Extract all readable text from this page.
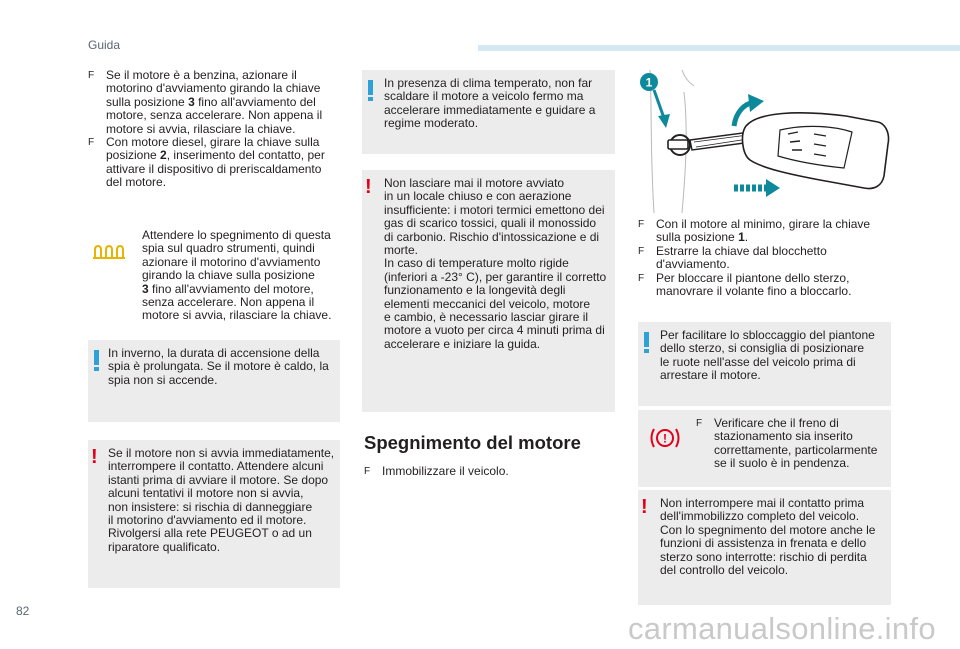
Guida
F Se il motore è a benzina, azionare il
motorino d'avviamento girando la chiave
sulla posizione 3 fino all'avviamento del
motore, senza accelerare. Non appena il
motore si avvia, rilasciare la chiave.
F Con motore diesel, girare la chiave sulla
posizione 2, inserimento del contatto, per
attivare il dispositivo di preriscaldamento
del motore.
Attendere lo spegnimento di questa
spia sul quadro strumenti, quindi
azionare il motorino d'avviamento
girando la chiave sulla posizione
3 fino all'avviamento del motore,
senza accelerare. Non appena il
motore si avvia, rilasciare la chiave.
In inverno, la durata di accensione della
spia è prolungata. Se il motore è caldo, la
spia non si accende.
! Se il motore non si avvia immediatamente,
interrompere il contatto. Attendere alcuni
istanti prima di avviare il motore. Se dopo
alcuni tentativi il motore non si avvia,
non insistere: si rischia di danneggiare
il motorino d'avviamento ed il motore.
Rivolgersi alla rete PEUGEOT o ad un
riparatore qualificato.
In presenza di clima temperato, non far
scaldare il motore a veicolo fermo ma
accelerare immediatamente e guidare a
regime moderato.
! Non lasciare mai il motore avviato
in un locale chiuso e con aerazione
insufficiente: i motori termici emettono dei
gas di scarico tossici, quali il monossido
di carbonio. Rischio d'intossicazione e di
morte.
In caso di temperature molto rigide
(inferiori a -23° C), per garantire il corretto
funzionamento e la longevità degli
elementi meccanici del veicolo, motore
e cambio, è necessario lasciar girare il
motore a vuoto per circa 4 minuti prima di
accelerare e iniziare la guida.
Spegnimento del motore
F Immobilizzare il veicolo.
1
F Con il motore al minimo, girare la chiave
sulla posizione 1.
F Estrarre la chiave dal blocchetto
d'avviamento.
F Per bloccare il piantone dello sterzo,
manovrare il volante fino a bloccarlo.
Per facilitare lo sbloccaggio del piantone
dello sterzo, si consiglia di posizionare
le ruote nell'asse del veicolo prima di
arrestare il motore.
!
F Verificare che il freno di
stazionamento sia inserito
correttamente, particolarmente
se il suolo è in pendenza.
! Non interrompere mai il contatto prima
dell'immobilizzo completo del veicolo.
Con lo spegnimento del motore anche le
funzioni di assistenza in frenata e dello
sterzo sono interrotte: rischio di perdita
del controllo del veicolo.
82	carmanualsonline.info
